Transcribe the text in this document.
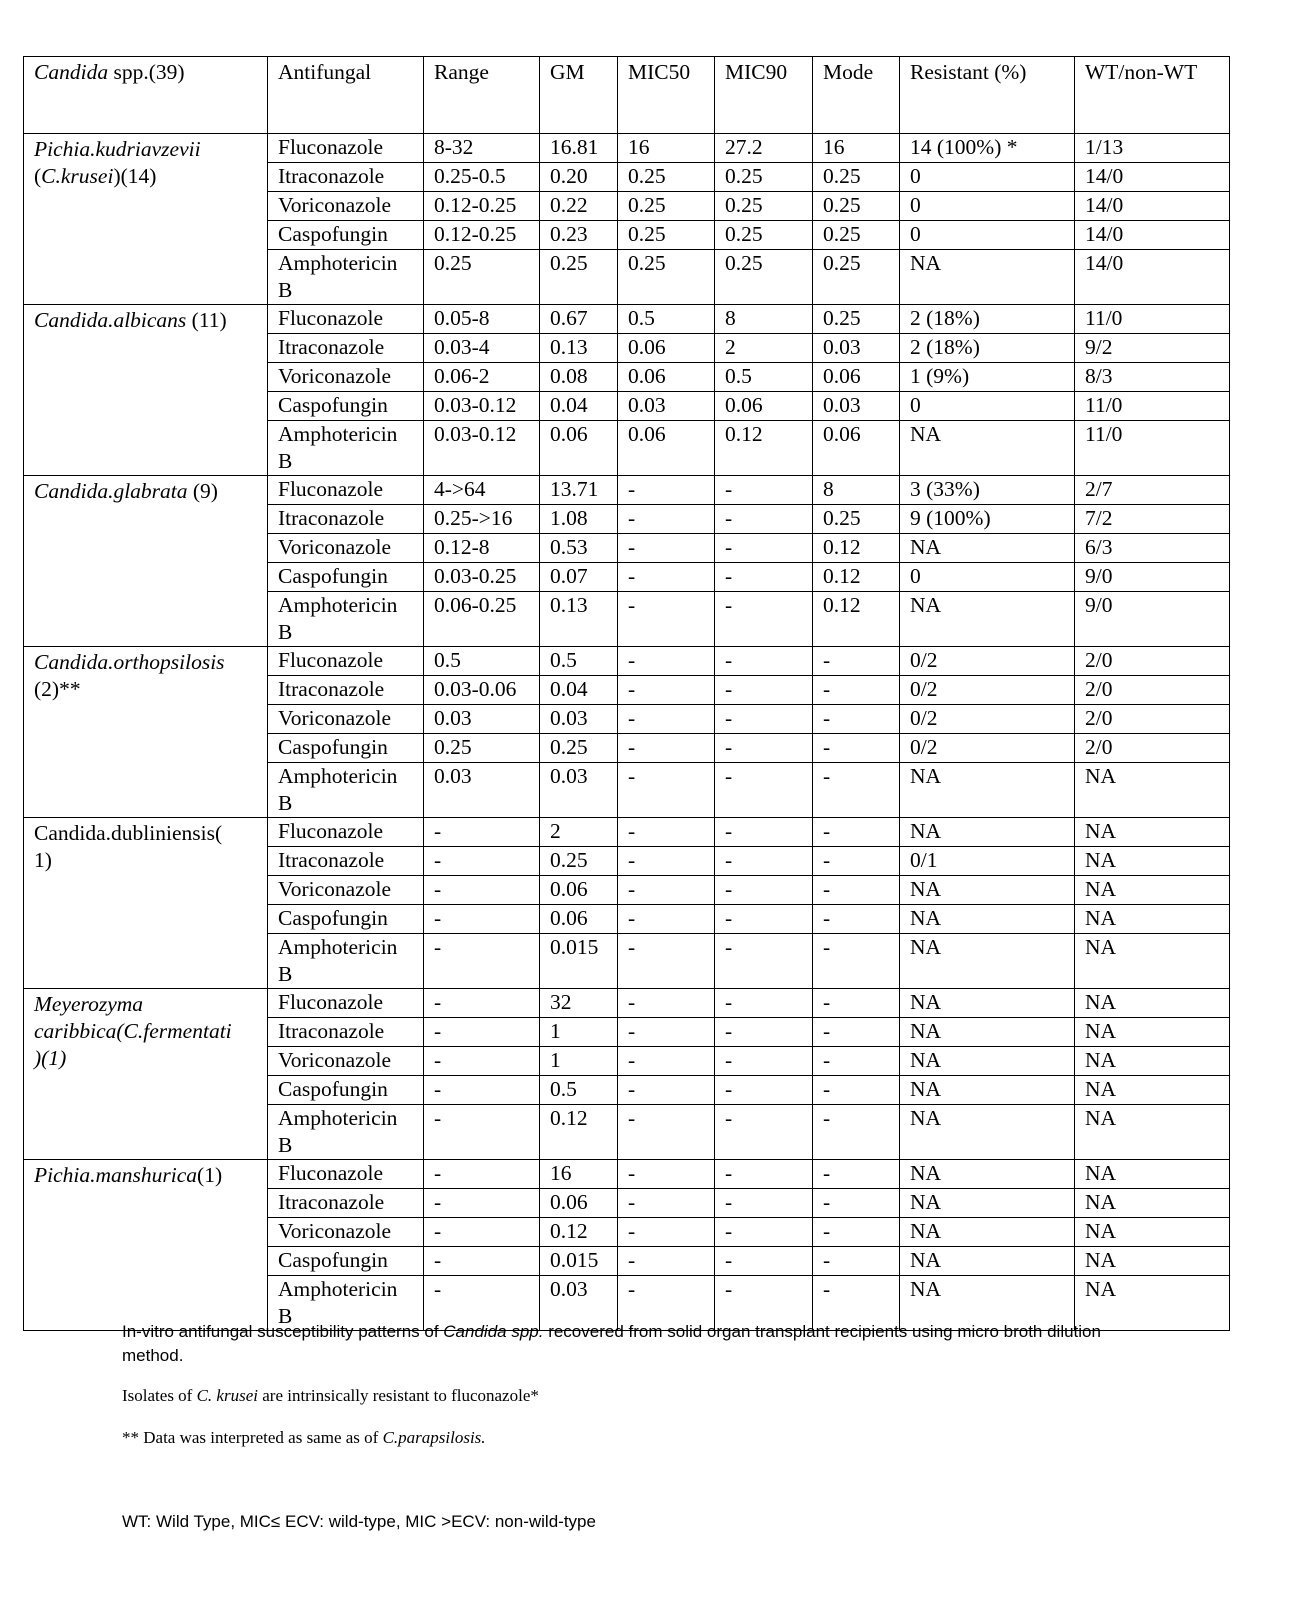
Candida spp.(39)	Antifungal	Range	GM	MIC50	MIC90	Mode	Resistant (%)	WT/non-WT
Pichia.kudriavzevii
(C.krusei)(14)	Fluconazole	8-32	16.81	16	27.2	16	14 (100%) *	1/13
	Itraconazole	0.25-0.5	0.20	0.25	0.25	0.25	0	14/0
	Voriconazole	0.12-0.25	0.22	0.25	0.25	0.25	0	14/0
	Caspofungin	0.12-0.25	0.23	0.25	0.25	0.25	0	14/0
	Amphotericin
B	0.25	0.25	0.25	0.25	0.25	NA	14/0
Candida.albicans (11)	Fluconazole	0.05-8	0.67	0.5	8	0.25	2 (18%)	11/0
	Itraconazole	0.03-4	0.13	0.06	2	0.03	2 (18%)	9/2
	Voriconazole	0.06-2	0.08	0.06	0.5	0.06	1 (9%)	8/3
	Caspofungin	0.03-0.12	0.04	0.03	0.06	0.03	0	11/0
	Amphotericin
B	0.03-0.12	0.06	0.06	0.12	0.06	NA	11/0
Candida.glabrata (9)	Fluconazole	4->64	13.71	-	-	8	3 (33%)	2/7
	Itraconazole	0.25->16	1.08	-	-	0.25	9 (100%)	7/2
	Voriconazole	0.12-8	0.53	-	-	0.12	NA	6/3
	Caspofungin	0.03-0.25	0.07	-	-	0.12	0	9/0
	Amphotericin
B	0.06-0.25	0.13	-	-	0.12	NA	9/0
Candida.orthopsilosis
(2)**	Fluconazole	0.5	0.5	-	-	-	0/2	2/0
	Itraconazole	0.03-0.06	0.04	-	-	-	0/2	2/0
	Voriconazole	0.03	0.03	-	-	-	0/2	2/0
	Caspofungin	0.25	0.25	-	-	-	0/2	2/0
	Amphotericin
B	0.03	0.03	-	-	-	NA	NA
Candida.dubliniensis(
1)	Fluconazole	-	2	-	-	-	NA	NA
	Itraconazole	-	0.25	-	-	-	0/1	NA
	Voriconazole	-	0.06	-	-	-	NA	NA
	Caspofungin	-	0.06	-	-	-	NA	NA
	Amphotericin
B	-	0.015	-	-	-	NA	NA
Meyerozyma
caribbica(C.fermentati
)(1)	Fluconazole	-	32	-	-	-	NA	NA
	Itraconazole	-	1	-	-	-	NA	NA
	Voriconazole	-	1	-	-	-	NA	NA
	Caspofungin	-	0.5	-	-	-	NA	NA
	Amphotericin
B	-	0.12	-	-	-	NA	NA
Pichia.manshurica(1)	Fluconazole	-	16	-	-	-	NA	NA
	Itraconazole	-	0.06	-	-	-	NA	NA
	Voriconazole	-	0.12	-	-	-	NA	NA
	Caspofungin	-	0.015	-	-	-	NA	NA
	Amphotericin
B	-	0.03	-	-	-	NA	NA
In-vitro antifungal susceptibility patterns of Candida spp. recovered from solid organ transplant recipients using micro broth dilution method.
Isolates of C. krusei are intrinsically resistant to fluconazole*
** Data was interpreted as same as of C.parapsilosis.
WT: Wild Type, MIC≤ ECV: wild-type, MIC >ECV: non-wild-type
